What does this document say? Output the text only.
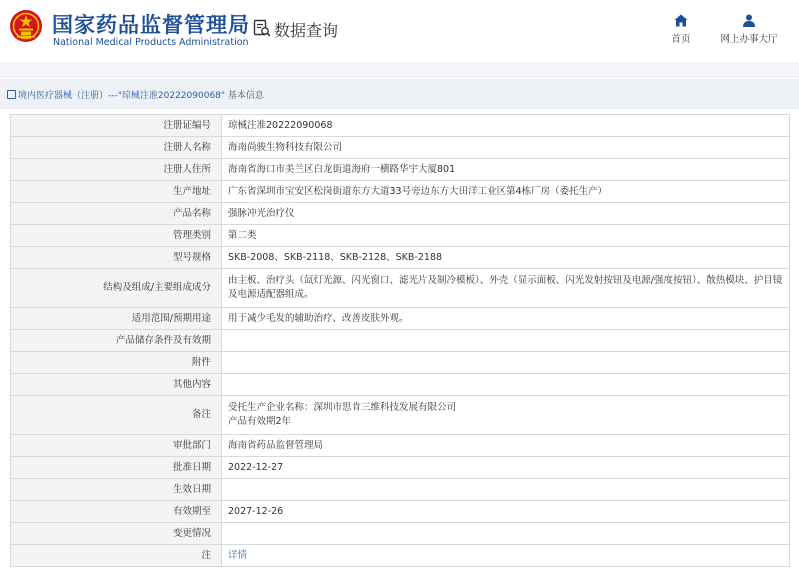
国家药品监督管理局
National Medical Products Administration
数据查询	首页	网上办事大厅
境内医疗器械（注册）---"琼械注准20222090068" 基本信息
注册证编号	琼械注准20222090068
注册人名称	海南尚骏生物科技有限公司
注册人住所	海南省海口市美兰区白龙街道海府一横路华宇大厦801
生产地址	广东省深圳市宝安区松岗街道东方大道33号旁边东方大田洋工业区第4栋厂房（委托生产）
产品名称	强脉冲光治疗仪
管理类别	第二类
型号规格	SKB-2008、SKB-2118、SKB-2128、SKB-2188
结构及组成/主要组成成分	由主板、治疗头（氙灯光源、闪光窗口、滤光片及制冷模板）、外壳（显示面板、闪光发射按钮及电源/强度按钮）、散热模块、护目镜及电源适配器组成。
适用范围/预期用途	用于减少毛发的辅助治疗、改善皮肤外观。
产品储存条件及有效期	
附件	
其他内容	
备注	受托生产企业名称：深圳市思肯三维科技发展有限公司
产品有效期2年
审批部门	海南省药品监督管理局
批准日期	2022-12-27
生效日期	
有效期至	2027-12-26
变更情况	
注	详情
